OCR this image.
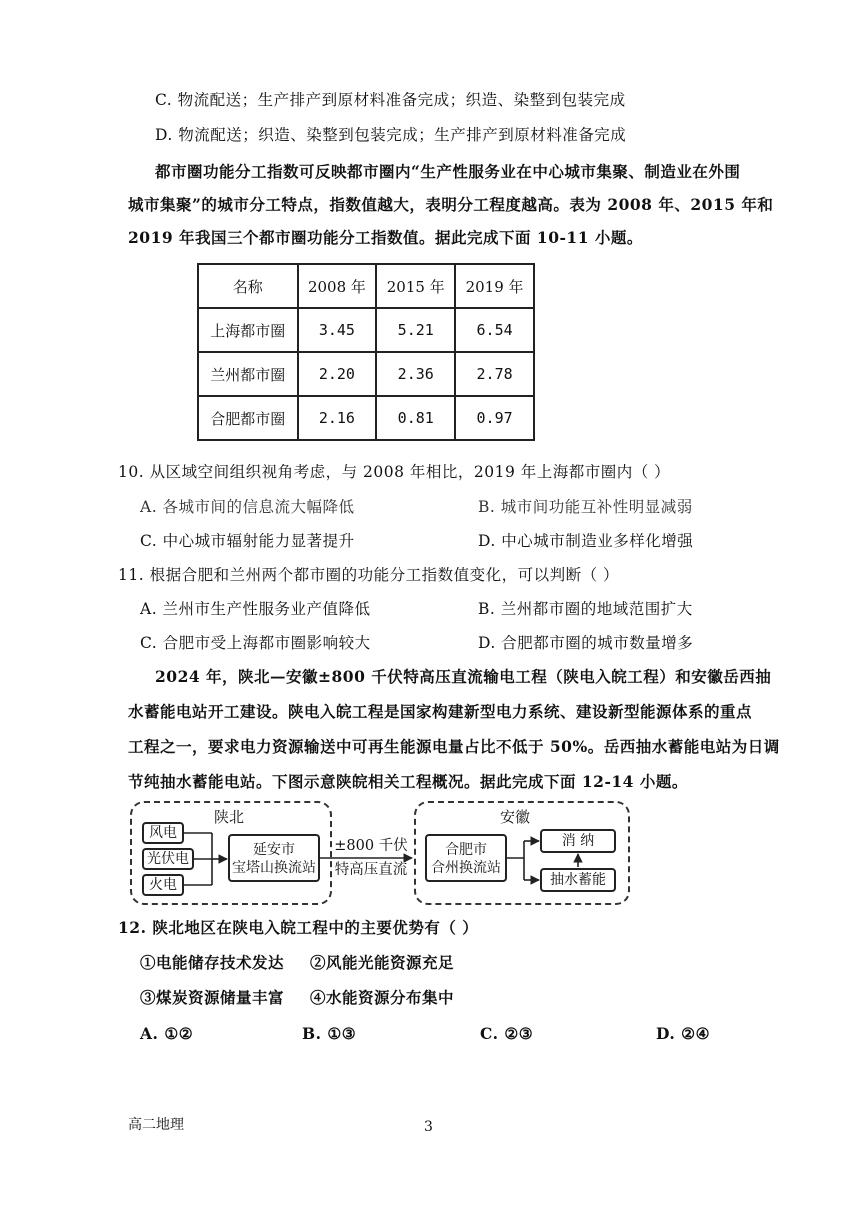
C. 物流配送；生产排产到原材料准备完成；织造、染整到包装完成
D. 物流配送；织造、染整到包装完成；生产排产到原材料准备完成
都市圈功能分工指数可反映都市圈内“生产性服务业在中心城市集聚、制造业在外围
城市集聚”的城市分工特点，指数值越大，表明分工程度越高。表为 2008 年、2015 年和
2019 年我国三个都市圈功能分工指数值。据此完成下面 10-11 小题。
名称	2008 年	2015 年	2019 年
上海都市圈	3.45	5.21	6.54
兰州都市圈	2.20	2.36	2.78
合肥都市圈	2.16	0.81	0.97
10. 从区域空间组织视角考虑，与 2008 年相比，2019 年上海都市圈内（ ）
A. 各城市间的信息流大幅降低	B. 城市间功能互补性明显减弱
C. 中心城市辐射能力显著提升	D. 中心城市制造业多样化增强
11. 根据合肥和兰州两个都市圈的功能分工指数值变化，可以判断（ ）
A. 兰州市生产性服务业产值降低	B. 兰州都市圈的地域范围扩大
C. 合肥市受上海都市圈影响较大	D. 合肥都市圈的城市数量增多
2024 年，陕北—安徽±800 千伏特高压直流输电工程（陕电入皖工程）和安徽岳西抽
水蓄能电站开工建设。陕电入皖工程是国家构建新型电力系统、建设新型能源体系的重点
工程之一，要求电力资源输送中可再生能源电量占比不低于 50%。岳西抽水蓄能电站为日调
节纯抽水蓄能电站。下图示意陕皖相关工程概况。据此完成下面 12-14 小题。
陕北
风电
光伏电
火电
延安市
宝塔山换流站
±800 千伏
特高压直流
安徽
合肥市
合州换流站
消 纳
抽水蓄能
12. 陕北地区在陕电入皖工程中的主要优势有（ ）
①电能储存技术发达 ②风能光能资源充足
③煤炭资源储量丰富 ④水能资源分布集中
A. ①②	B. ①③	C. ②③	D. ②④
高二地理	3
